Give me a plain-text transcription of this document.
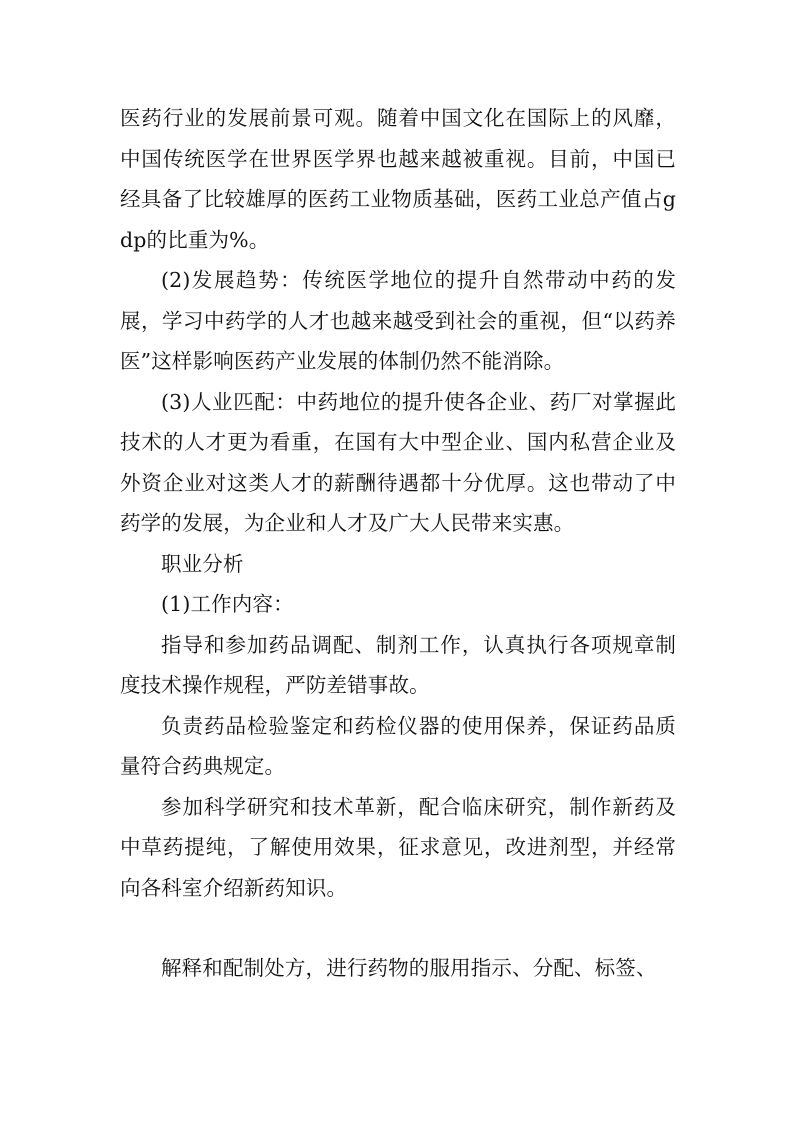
医药行业的发展前景可观。随着中国文化在国际上的风靡，中国传统医学在世界医学界也越来越被重视。目前，中国已经具备了比较雄厚的医药工业物质基础，医药工业总产值占gdp的比重为%。

(2)发展趋势：传统医学地位的提升自然带动中药的发展，学习中药学的人才也越来越受到社会的重视，但“以药养医”这样影响医药产业发展的体制仍然不能消除。

(3)人业匹配：中药地位的提升使各企业、药厂对掌握此技术的人才更为看重，在国有大中型企业、国内私营企业及外资企业对这类人才的薪酬待遇都十分优厚。这也带动了中药学的发展，为企业和人才及广大人民带来实惠。

职业分析

(1)工作内容：

指导和参加药品调配、制剂工作，认真执行各项规章制度技术操作规程，严防差错事故。

负责药品检验鉴定和药检仪器的使用保养，保证药品质量符合药典规定。

参加科学研究和技术革新，配合临床研究，制作新药及中草药提纯，了解使用效果，征求意见，改进剂型，并经常向各科室介绍新药知识。

解释和配制处方，进行药物的服用指示、分配、标签、
